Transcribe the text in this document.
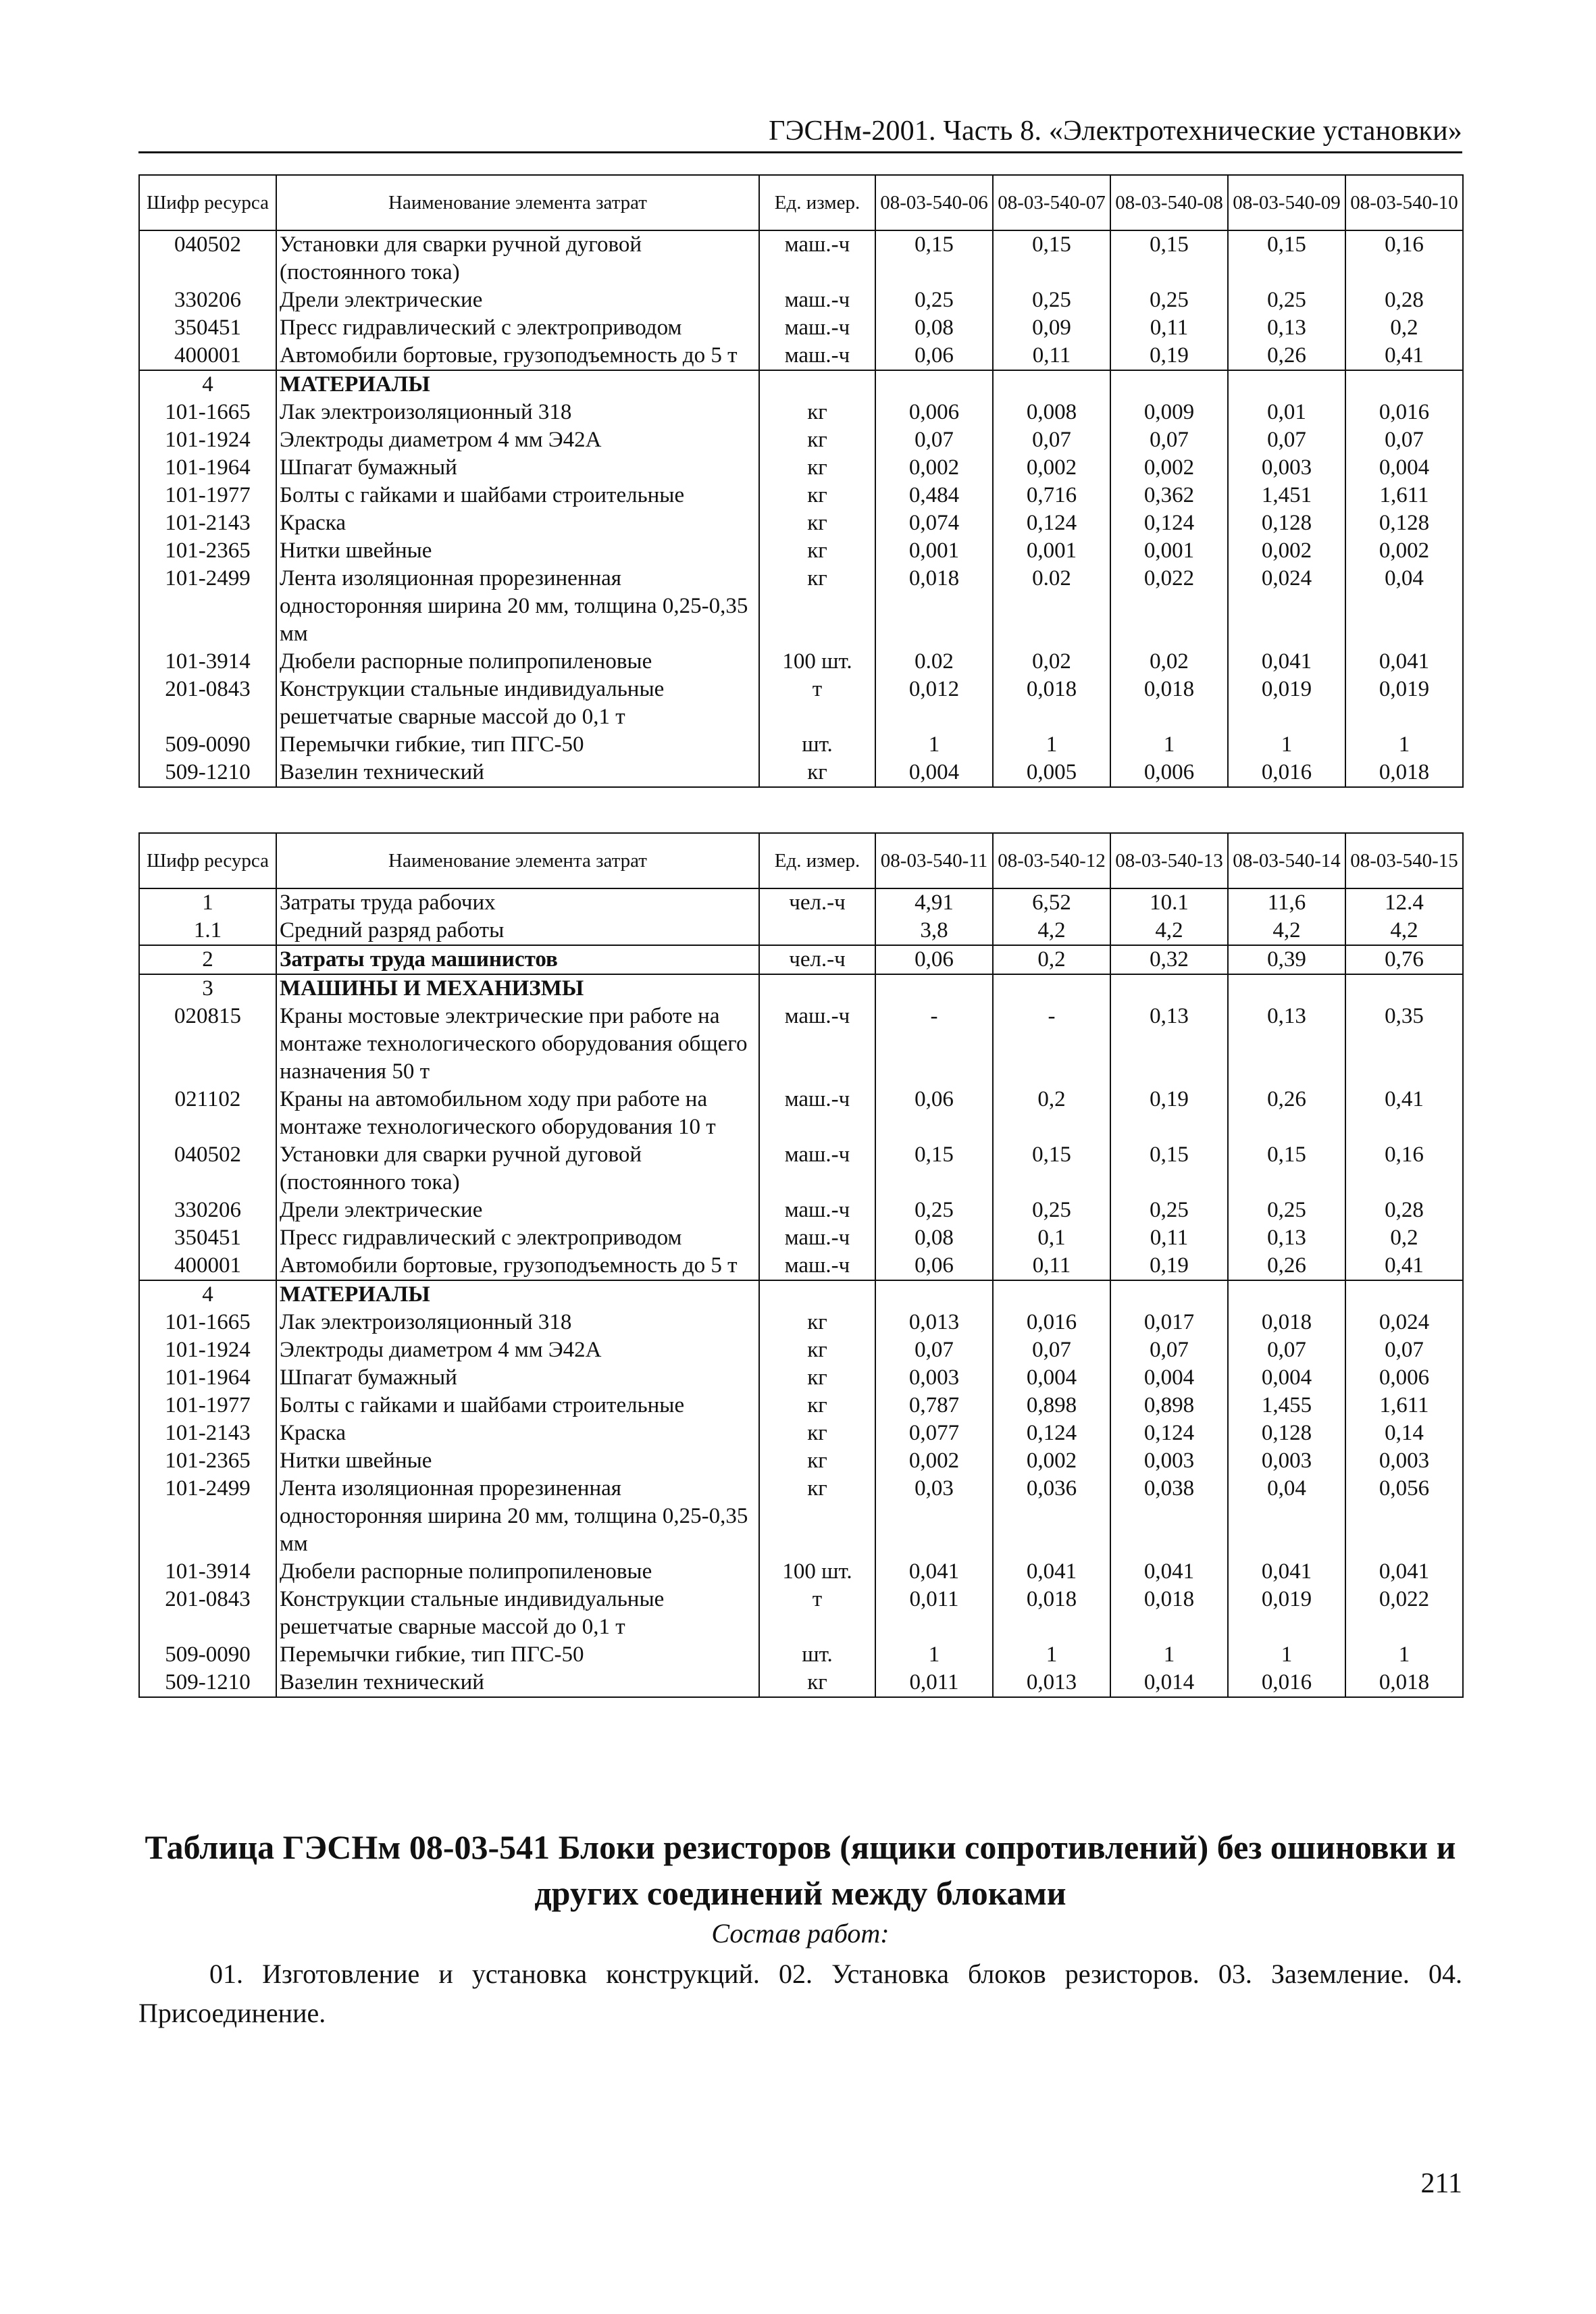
ГЭСНм-2001. Часть 8. «Электротехнические установки»
Шифр ресурса	Наименование элемента затрат	Ед. измер.	08-03-540-06	08-03-540-07	08-03-540-08	08-03-540-09	08-03-540-10
040502	Установки для сварки ручной дуговой (постоянного тока)	маш.-ч	0,15	0,15	0,15	0,15	0,16
330206	Дрели электрические	маш.-ч	0,25	0,25	0,25	0,25	0,28
350451	Пресс гидравлический с электроприводом	маш.-ч	0,08	0,09	0,11	0,13	0,2
400001	Автомобили бортовые, грузоподъемность до 5 т	маш.-ч	0,06	0,11	0,19	0,26	0,41
4	МАТЕРИАЛЫ						
101-1665	Лак электроизоляционный 318	кг	0,006	0,008	0,009	0,01	0,016
101-1924	Электроды диаметром 4 мм Э42А	кг	0,07	0,07	0,07	0,07	0,07
101-1964	Шпагат бумажный	кг	0,002	0,002	0,002	0,003	0,004
101-1977	Болты с гайками и шайбами строительные	кг	0,484	0,716	0,362	1,451	1,611
101-2143	Краска	кг	0,074	0,124	0,124	0,128	0,128
101-2365	Нитки швейные	кг	0,001	0,001	0,001	0,002	0,002
101-2499	Лента изоляционная прорезиненная односторонняя ширина 20 мм, толщина 0,25-0,35 мм	кг	0,018	0.02	0,022	0,024	0,04
101-3914	Дюбели распорные полипропиленовые	100 шт.	0.02	0,02	0,02	0,041	0,041
201-0843	Конструкции стальные индивидуальные решетчатые сварные массой до 0,1 т	т	0,012	0,018	0,018	0,019	0,019
509-0090	Перемычки гибкие, тип ПГС-50	шт.	1	1	1	1	1
509-1210	Вазелин технический	кг	0,004	0,005	0,006	0,016	0,018
Шифр ресурса	Наименование элемента затрат	Ед. измер.	08-03-540-11	08-03-540-12	08-03-540-13	08-03-540-14	08-03-540-15
1	Затраты труда рабочих	чел.-ч	4,91	6,52	10.1	11,6	12.4
1.1	Средний разряд работы		3,8	4,2	4,2	4,2	4,2
2	Затраты труда машинистов	чел.-ч	0,06	0,2	0,32	0,39	0,76
3	МАШИНЫ И МЕХАНИЗМЫ						
020815	Краны мостовые электрические при работе на монтаже технологического оборудования общего назначения 50 т	маш.-ч	-	-	0,13	0,13	0,35
021102	Краны на автомобильном ходу при работе на монтаже технологического оборудования 10 т	маш.-ч	0,06	0,2	0,19	0,26	0,41
040502	Установки для сварки ручной дуговой (постоянного тока)	маш.-ч	0,15	0,15	0,15	0,15	0,16
330206	Дрели электрические	маш.-ч	0,25	0,25	0,25	0,25	0,28
350451	Пресс гидравлический с электроприводом	маш.-ч	0,08	0,1	0,11	0,13	0,2
400001	Автомобили бортовые, грузоподъемность до 5 т	маш.-ч	0,06	0,11	0,19	0,26	0,41
4	МАТЕРИАЛЫ						
101-1665	Лак электроизоляционный 318	кг	0,013	0,016	0,017	0,018	0,024
101-1924	Электроды диаметром 4 мм Э42А	кг	0,07	0,07	0,07	0,07	0,07
101-1964	Шпагат бумажный	кг	0,003	0,004	0,004	0,004	0,006
101-1977	Болты с гайками и шайбами строительные	кг	0,787	0,898	0,898	1,455	1,611
101-2143	Краска	кг	0,077	0,124	0,124	0,128	0,14
101-2365	Нитки швейные	кг	0,002	0,002	0,003	0,003	0,003
101-2499	Лента изоляционная прорезиненная односторонняя ширина 20 мм, толщина 0,25-0,35 мм	кг	0,03	0,036	0,038	0,04	0,056
101-3914	Дюбели распорные полипропиленовые	100 шт.	0,041	0,041	0,041	0,041	0,041
201-0843	Конструкции стальные индивидуальные решетчатые сварные массой до 0,1 т	т	0,011	0,018	0,018	0,019	0,022
509-0090	Перемычки гибкие, тип ПГС-50	шт.	1	1	1	1	1
509-1210	Вазелин технический	кг	0,011	0,013	0,014	0,016	0,018
Таблица ГЭСНм 08-03-541 Блоки резисторов (ящики сопротивлений) без ошиновки и других соединений между блоками
Состав работ:
01. Изготовление и установка конструкций. 02. Установка блоков резисторов. 03. Заземление. 04. Присоединение.
211
